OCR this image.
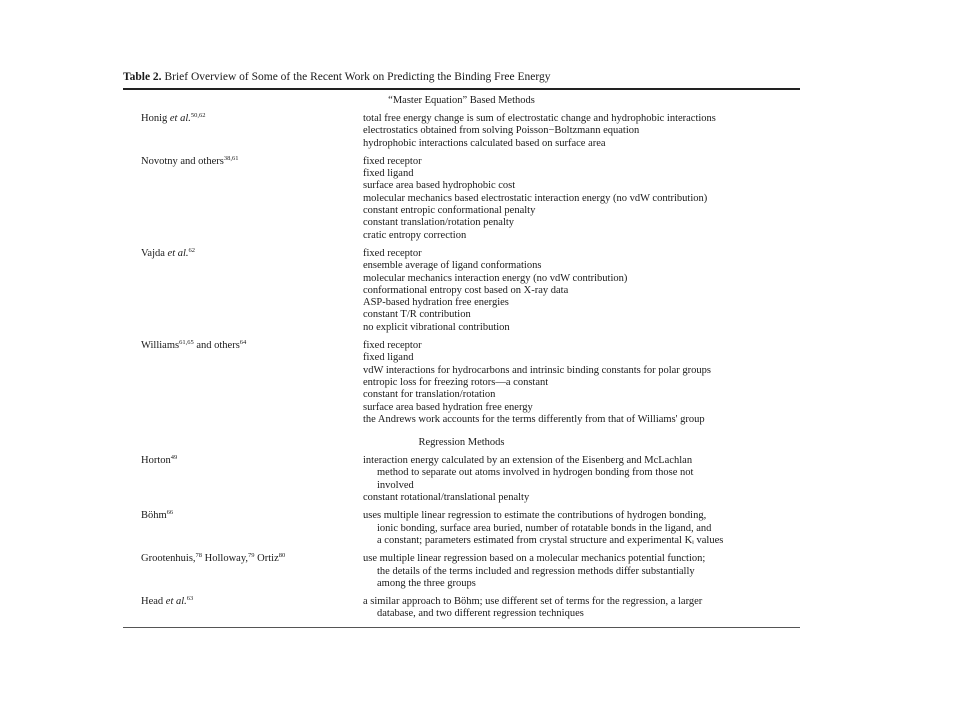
Table 2. Brief Overview of Some of the Recent Work on Predicting the Binding Free Energy
“Master Equation” Based Methods
Honig et al.$^{50,62}$	total free energy change is sum of electrostatic change and hydrophobic interactions
electrostatics obtained from solving Poisson−Boltzmann equation
hydrophobic interactions calculated based on surface area
Novotny and others$^{38,61}$	fixed receptor
fixed ligand
surface area based hydrophobic cost
molecular mechanics based electrostatic interaction energy (no vdW contribution)
constant entropic conformational penalty
constant translation/rotation penalty
cratic entropy correction
Vajda et al.$^{62}$	fixed receptor
ensemble average of ligand conformations
molecular mechanics interaction energy (no vdW contribution)
conformational entropy cost based on X-ray data
ASP-based hydration free energies
constant T/R contribution
no explicit vibrational contribution
Williams$^{61,65}$ and others$^{64}$	fixed receptor
fixed ligand
vdW interactions for hydrocarbons and intrinsic binding constants for polar groups
entropic loss for freezing rotors—a constant
constant for translation/rotation
surface area based hydration free energy
the Andrews work accounts for the terms differently from that of Williams' group
Regression Methods
Horton$^{49}$	interaction energy calculated by an extension of the Eisenberg and McLachlan
method to separate out atoms involved in hydrogen bonding from those not
involved
constant rotational/translational penalty
Böhm$^{66}$	uses multiple linear regression to estimate the contributions of hydrogen bonding,
ionic bonding, surface area buried, number of rotatable bonds in the ligand, and
a constant; parameters estimated from crystal structure and experimental Kᵢ values
Grootenhuis,$^{78}$ Holloway,$^{79}$ Ortiz$^{80}$	use multiple linear regression based on a molecular mechanics potential function;
the details of the terms included and regression methods differ substantially
among the three groups
Head et al.$^{63}$	a similar approach to Böhm; use different set of terms for the regression, a larger
database, and two different regression techniques
